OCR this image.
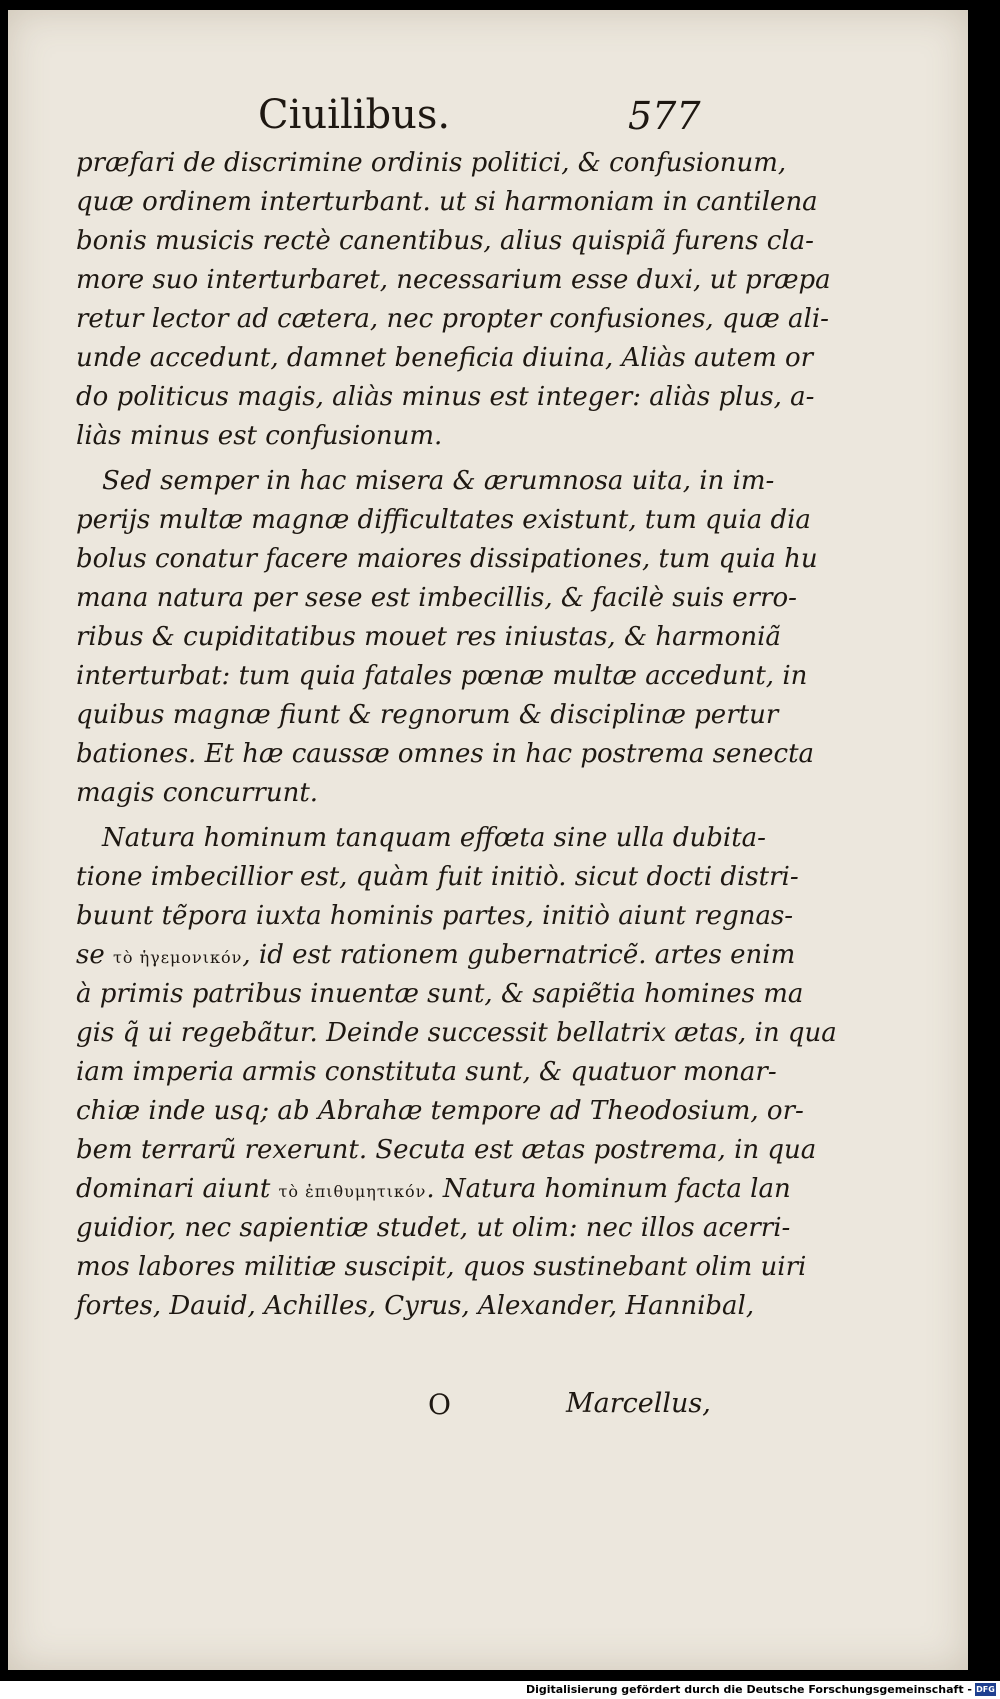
Ciuilibus.	577
præfari de discrimine ordinis politici, & confusionum,
quæ ordinem interturbant. ut si harmoniam in cantilena
bonis musicis rectè canentibus, alius quispiã furens cla-
more suo interturbaret, necessarium esse duxi, ut præpa
retur lector ad cætera, nec propter confusiones, quæ ali-
unde accedunt, damnet beneficia diuina, Aliàs autem or
do politicus magis, aliàs minus est integer: aliàs plus, a-
liàs minus est confusionum.
Sed semper in hac misera & ærumnosa uita, in im-
perijs multæ magnæ difficultates existunt, tum quia dia
bolus conatur facere maiores dissipationes, tum quia hu
mana natura per sese est imbecillis, & facilè suis erro-
ribus & cupiditatibus mouet res iniustas, & harmoniã
interturbat: tum quia fatales pœnæ multæ accedunt, in
quibus magnæ fiunt & regnorum & disciplinæ pertur
bationes. Et hæ caussæ omnes in hac postrema senecta
magis concurrunt.
Natura hominum tanquam effœta sine ulla dubita-
tione imbecillior est, quàm fuit initiò. sicut docti distri-
buunt tẽpora iuxta hominis partes, initiò aiunt regnas-
se τὸ ἡγεμονικόν, id est rationem gubernatricẽ. artes enim
à primis patribus inuentæ sunt, & sapiẽtia homines ma
gis q̃ ui regebãtur. Deinde successit bellatrix ætas, in qua
iam imperia armis constituta sunt, & quatuor monar-
chiæ inde usq; ab Abrahæ tempore ad Theodosium, or-
bem terrarũ rexerunt. Secuta est ætas postrema, in qua
dominari aiunt τὸ ἐπιθυμητικόν. Natura hominum facta lan
guidior, nec sapientiæ studet, ut olim: nec illos acerri-
mos labores militiæ suscipit, quos sustinebant olim uiri
fortes, Dauid, Achilles, Cyrus, Alexander, Hannibal,
O	Marcellus,
Digitalisierung gefördert durch die Deutsche Forschungsgemeinschaft - DFG
